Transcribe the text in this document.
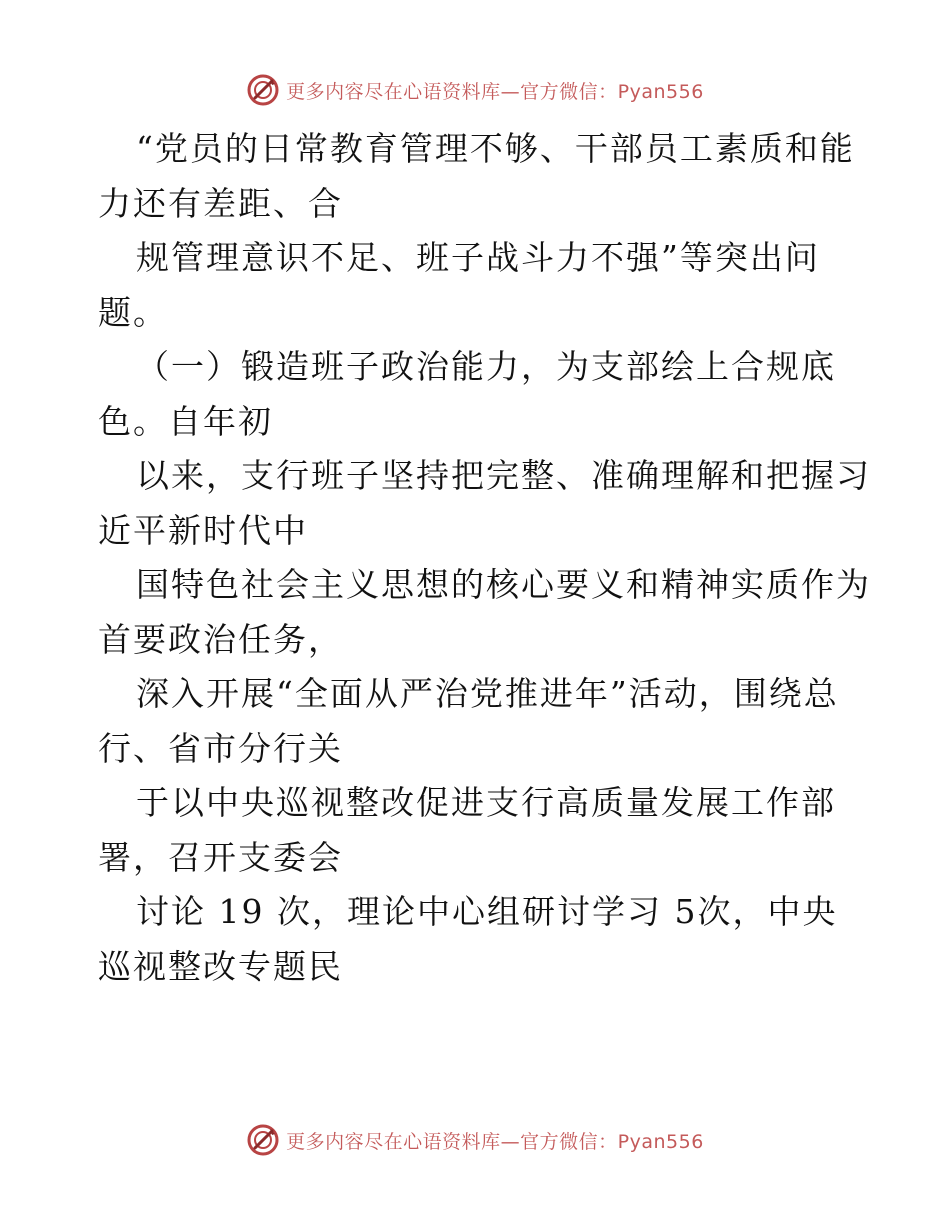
更多内容尽在心语资料库—官方微信：Pyan556
“党员的日常教育管理不够、干部员工素质和能
力还有差距、合
规管理意识不足、班子战斗力不强”等突出问
题。
（一）锻造班子政治能力，为支部绘上合规底
色。自年初
以来，支行班子坚持把完整、准确理解和把握习
近平新时代中
国特色社会主义思想的核心要义和精神实质作为
首要政治任务，
深入开展“全面从严治党推进年”活动，围绕总
行、省市分行关
于以中央巡视整改促进支行高质量发展工作部
署，召开支委会
讨论 19 次，理论中心组研讨学习 5次，中央
巡视整改专题民
更多内容尽在心语资料库—官方微信：Pyan556
